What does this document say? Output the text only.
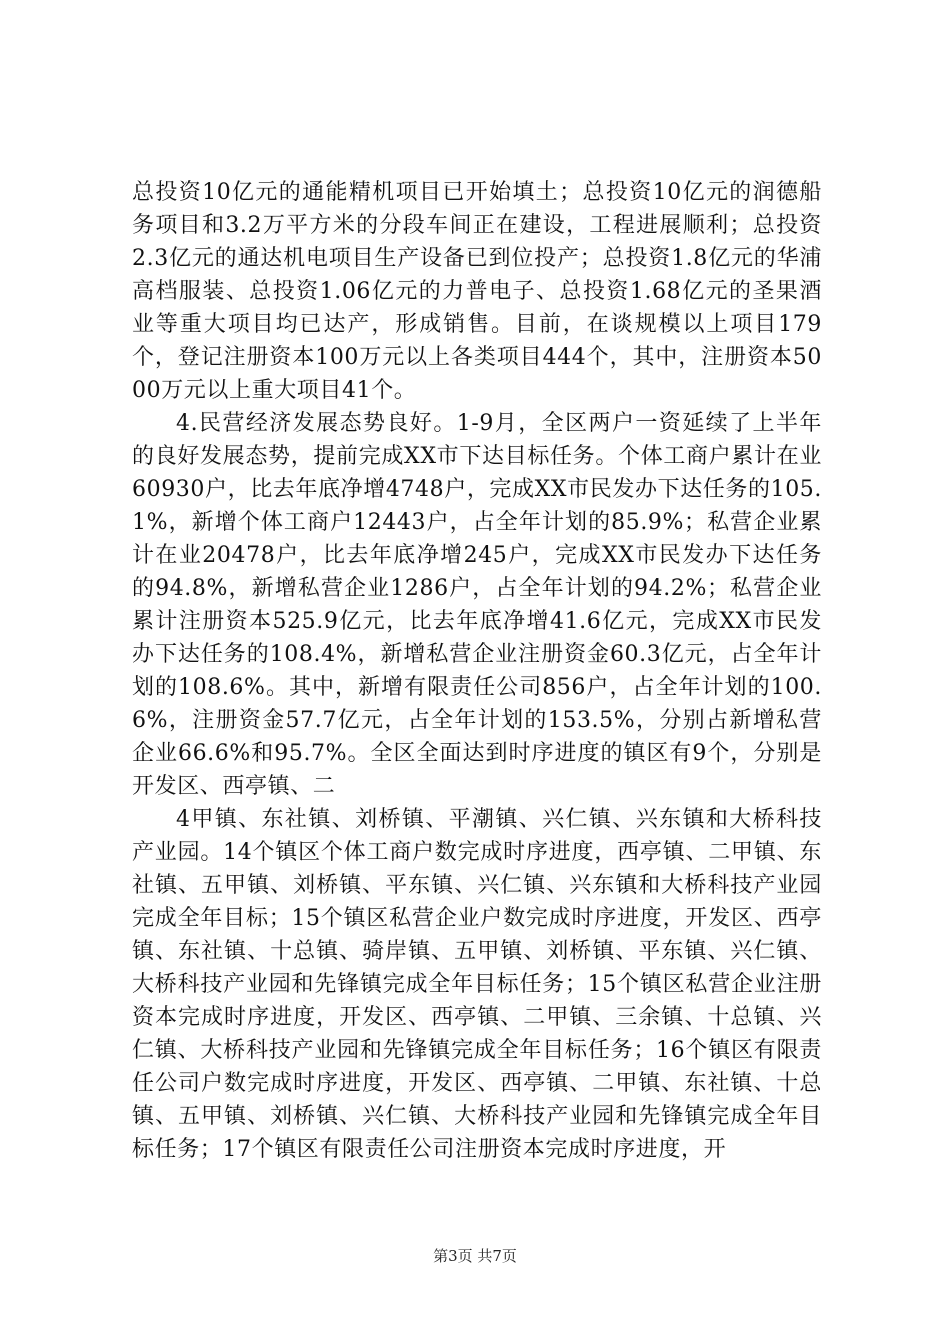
总投资10亿元的通能精机项目已开始填土；总投资10亿元的润德船务项目和3.2万平方米的分段车间正在建设，工程进展顺利；总投资2.3亿元的通达机电项目生产设备已到位投产；总投资1.8亿元的华浦高档服装、总投资1.06亿元的力普电子、总投资1.68亿元的圣果酒业等重大项目均已达产，形成销售。目前，在谈规模以上项目179个，登记注册资本100万元以上各类项目444个，其中，注册资本5000万元以上重大项目41个。

4.民营经济发展态势良好。1-9月，全区两户一资延续了上半年的良好发展态势，提前完成XX市下达目标任务。个体工商户累计在业60930户，比去年底净增4748户，完成XX市民发办下达任务的105.1%，新增个体工商户12443户，占全年计划的85.9%；私营企业累计在业20478户，比去年底净增245户，完成XX市民发办下达任务的94.8%，新增私营企业1286户，占全年计划的94.2%；私营企业累计注册资本525.9亿元，比去年底净增41.6亿元，完成XX市民发办下达任务的108.4%，新增私营企业注册资金60.3亿元，占全年计划的108.6%。其中，新增有限责任公司856户，占全年计划的100.6%，注册资金57.7亿元，占全年计划的153.5%，分别占新增私营企业66.6%和95.7%。全区全面达到时序进度的镇区有9个，分别是开发区、西亭镇、二

4甲镇、东社镇、刘桥镇、平潮镇、兴仁镇、兴东镇和大桥科技产业园。14个镇区个体工商户数完成时序进度，西亭镇、二甲镇、东社镇、五甲镇、刘桥镇、平东镇、兴仁镇、兴东镇和大桥科技产业园完成全年目标；15个镇区私营企业户数完成时序进度，开发区、西亭镇、东社镇、十总镇、骑岸镇、五甲镇、刘桥镇、平东镇、兴仁镇、大桥科技产业园和先锋镇完成全年目标任务；15个镇区私营企业注册资本完成时序进度，开发区、西亭镇、二甲镇、三余镇、十总镇、兴仁镇、大桥科技产业园和先锋镇完成全年目标任务；16个镇区有限责任公司户数完成时序进度，开发区、西亭镇、二甲镇、东社镇、十总镇、五甲镇、刘桥镇、兴仁镇、大桥科技产业园和先锋镇完成全年目标任务；17个镇区有限责任公司注册资本完成时序进度，开

第3页 共7页
